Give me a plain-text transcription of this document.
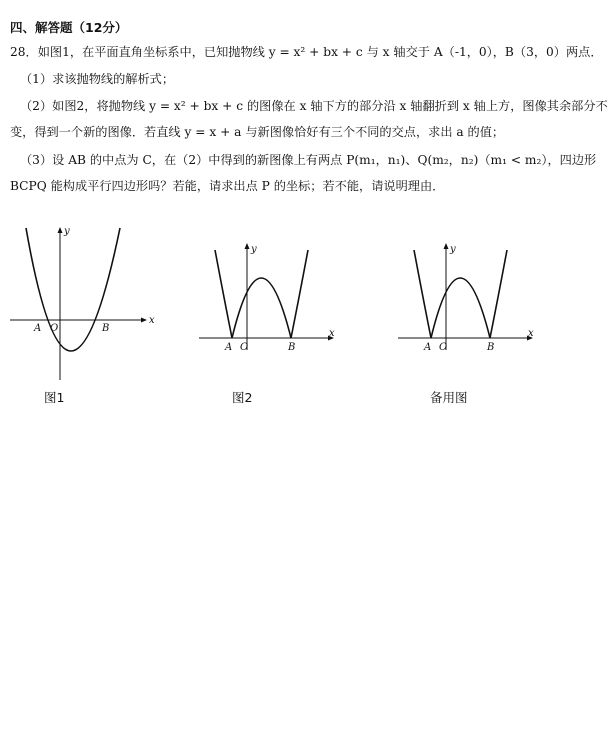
四、解答题（12分）
28．如图1，在平面直角坐标系中，已知抛物线 y = x² + bx + c 与 x 轴交于 A（-1，0），B（3，0）两点．
（1）求该抛物线的解析式；
（2）如图2，将抛物线 y = x² + bx + c 的图像在 x 轴下方的部分沿 x 轴翻折到 x 轴上方，图像其余部分不
变，得到一个新的图像．若直线 y = x + a 与新图像恰好有三个不同的交点，求出 a 的值；
（3）设 AB 的中点为 C，在（2）中得到的新图像上有两点 P(m₁，n₁)、Q(m₂，n₂)（m₁ < m₂），四边形
BCPQ 能构成平行四边形吗？若能，请求出点 P 的坐标；若不能，请说明理由．
x
y
A O	B	x
y
A O	B
x
y
A O	B
图1	图2	备用图
